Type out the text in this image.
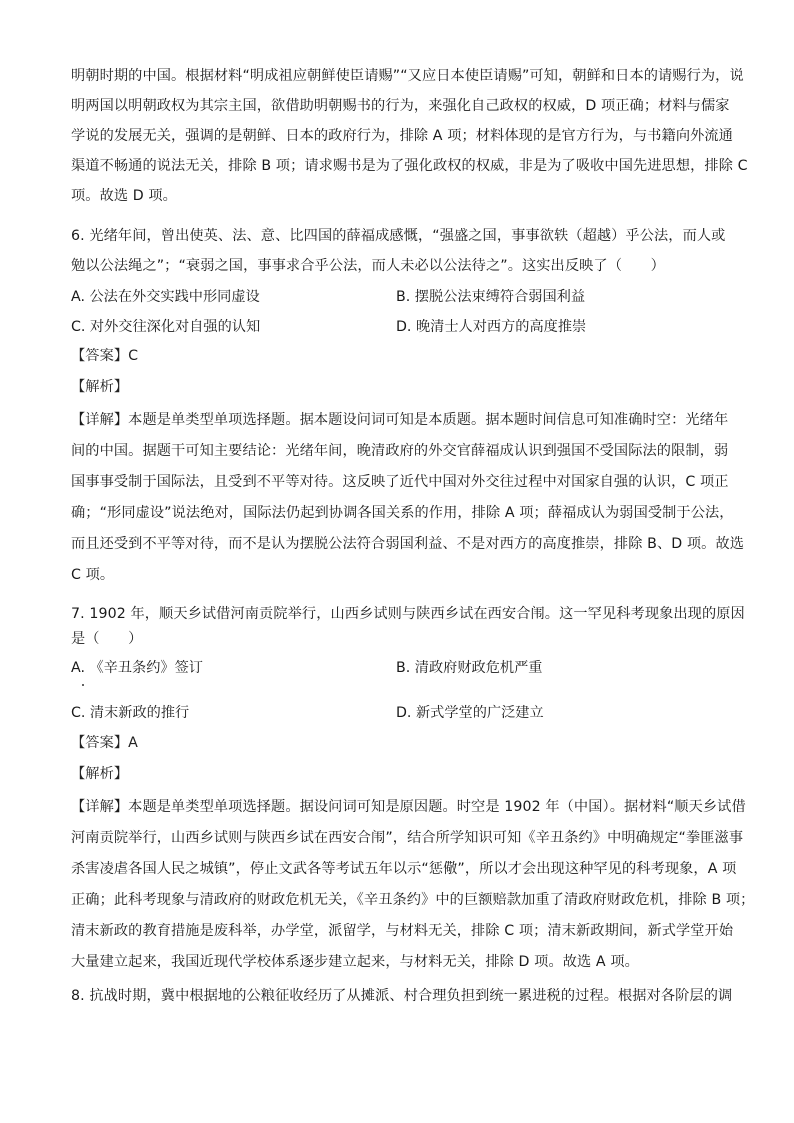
明朝时期的中国。根据材料“明成祖应朝鲜使臣请赐”“又应日本使臣请赐”可知，朝鲜和日本的请赐行为，说
明两国以明朝政权为其宗主国，欲借助明朝赐书的行为，来强化自己政权的权威，D 项正确；材料与儒家
学说的发展无关，强调的是朝鲜、日本的政府行为，排除 A 项；材料体现的是官方行为，与书籍向外流通
渠道不畅通的说法无关，排除 B 项；请求赐书是为了强化政权的权威，非是为了吸收中国先进思想，排除 C
项。故选 D 项。
6. 光绪年间，曾出使英、法、意、比四国的薛福成感慨，“强盛之国，事事欲轶（超越）乎公法，而人或
勉以公法绳之”；“衰弱之国，事事求合乎公法，而人未必以公法待之”。这实出反映了（　　）
A. 公法在外交实践中形同虚设	B. 摆脱公法束缚符合弱国利益
C. 对外交往深化对自强的认知	D. 晚清士人对西方的高度推崇
【答案】C
【解析】
【详解】本题是单类型单项选择题。据本题设问词可知是本质题。据本题时间信息可知准确时空：光绪年
间的中国。据题干可知主要结论：光绪年间，晚清政府的外交官薛福成认识到强国不受国际法的限制，弱
国事事受制于国际法，且受到不平等对待。这反映了近代中国对外交往过程中对国家自强的认识，C 项正
确；“形同虚设”说法绝对，国际法仍起到协调各国关系的作用，排除 A 项；薛福成认为弱国受制于公法，
而且还受到不平等对待，而不是认为摆脱公法符合弱国利益、不是对西方的高度推崇，排除 B、D 项。故选
C 项。
7. 1902 年，顺天乡试借河南贡院举行，山西乡试则与陕西乡试在西安合闱。这一罕见科考现象出现的原因
是（　　）
A. 《辛丑条约》签订	B. 清政府财政危机严重
C. 清末新政的推行	D. 新式学堂的广泛建立
【答案】A
【解析】
【详解】本题是单类型单项选择题。据设问词可知是原因题。时空是 1902 年（中国）。据材料“顺天乡试借
河南贡院举行，山西乡试则与陕西乡试在西安合闱”，结合所学知识可知《辛丑条约》中明确规定“拳匪滋事
杀害凌虐各国人民之城镇”，停止文武各等考试五年以示“惩儆”，所以才会出现这种罕见的科考现象，A 项
正确；此科考现象与清政府的财政危机无关，《辛丑条约》中的巨额赔款加重了清政府财政危机，排除 B 项；
清末新政的教育措施是废科举，办学堂，派留学，与材料无关，排除 C 项；清末新政期间，新式学堂开始
大量建立起来，我国近现代学校体系逐步建立起来，与材料无关，排除 D 项。故选 A 项。
8. 抗战时期，冀中根据地的公粮征收经历了从摊派、村合理负担到统一累进税的过程。根据对各阶层的调
